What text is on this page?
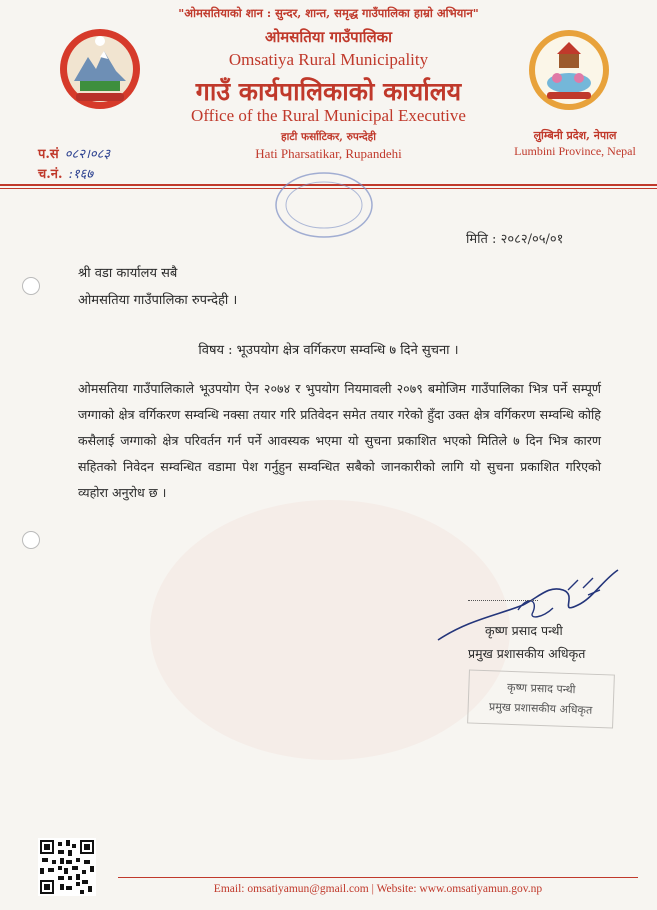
"ओमसतियाको शान : सुन्दर, शान्त, समृद्ध गाउँपालिका हाम्रो अभियान"
ओमसतिया गाउँपालिका
Omsatiya Rural Municipality
गाउँ कार्यपालिकाको कार्यालय
Office of the Rural Municipal Executive
हाटी फर्साटिकर, रुपन्देही
Hati Pharsatikar, Rupandehi
लुम्बिनी प्रदेश, नेपाल
Lumbini Province, Nepal
प.सं ०८२।०८३
च.नं. :१६७
मिति : २०८२/०५/०१
श्री वडा कार्यालय सबै
ओमसतिया गाउँपालिका रुपन्देही ।
विषय : भूउपयोग क्षेत्र वर्गिकरण सम्वन्धि ७ दिने सुचना ।
ओमसतिया गाउँपालिकाले भूउपयोग ऐन २०७४ र भुपयोग नियमावली २०७९ बमोजिम गाउँपालिका भित्र पर्ने सम्पूर्ण जग्गाको क्षेत्र वर्गिकरण सम्वन्धि नक्सा तयार गरि प्रतिवेदन समेत तयार गरेको हुँदा उक्त क्षेत्र वर्गिकरण सम्वन्धि कोहि कसैलाई जग्गाको क्षेत्र परिवर्तन गर्न पर्ने आवस्यक भएमा यो सुचना प्रकाशित भएको मितिले ७ दिन भित्र कारण सहितको निवेदन सम्वन्धित वडामा पेश गर्नुहुन सम्वन्धित सबैको जानकारीको लागि यो सुचना प्रकाशित गरिएको व्यहोरा अनुरोध छ ।
कृष्ण प्रसाद पन्थी
प्रमुख प्रशासकीय अधिकृत
कृष्ण प्रसाद पन्थी
प्रमुख प्रशासकीय अधिकृत
Email: omsatiyamun@gmail.com | Website: www.omsatiyamun.gov.np
